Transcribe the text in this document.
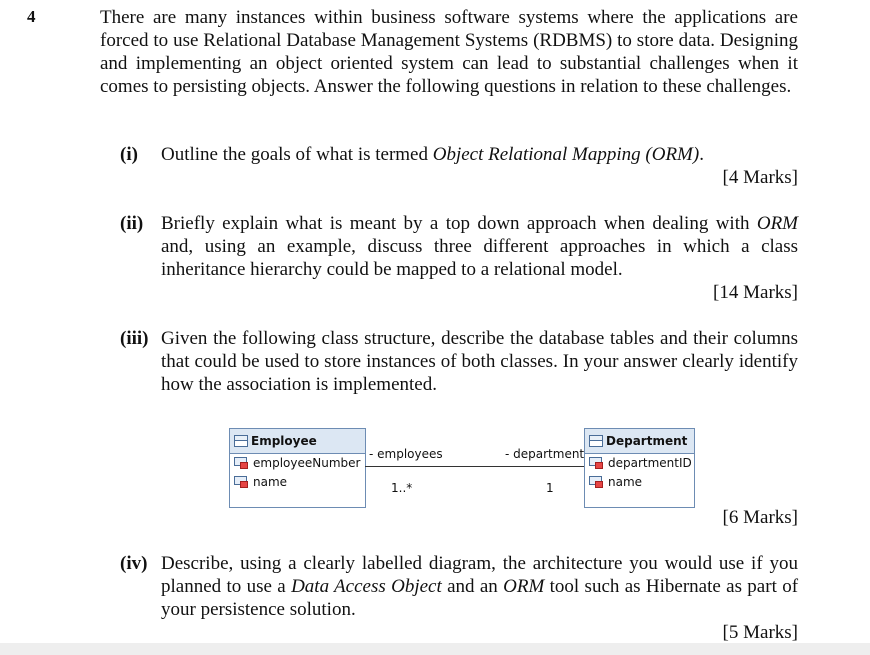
4	There are many instances within business software systems where the applications are forced to use Relational Database Management Systems (RDBMS) to store data. Designing and implementing an object oriented system can lead to substantial challenges when it comes to persisting objects. Answer the following questions in relation to these challenges.
(i)	Outline the goals of what is termed Object Relational Mapping (ORM).
[4 Marks]
(ii) Briefly explain what is meant by a top down approach when dealing with ORM and, using an example, discuss three different approaches in which a class inheritance hierarchy could be mapped to a relational model.
[14 Marks]
(iii) Given the following class structure, describe the database tables and their columns that could be used to store instances of both classes. In your answer clearly identify how the association is implemented.
Employee
employeeNumber
name
- employees
1..*
- department
1
Department
departmentID
name
[6 Marks]
(iv) Describe, using a clearly labelled diagram, the architecture you would use if you planned to use a Data Access Object and an ORM tool such as Hibernate as part of your persistence solution.
[5 Marks]
